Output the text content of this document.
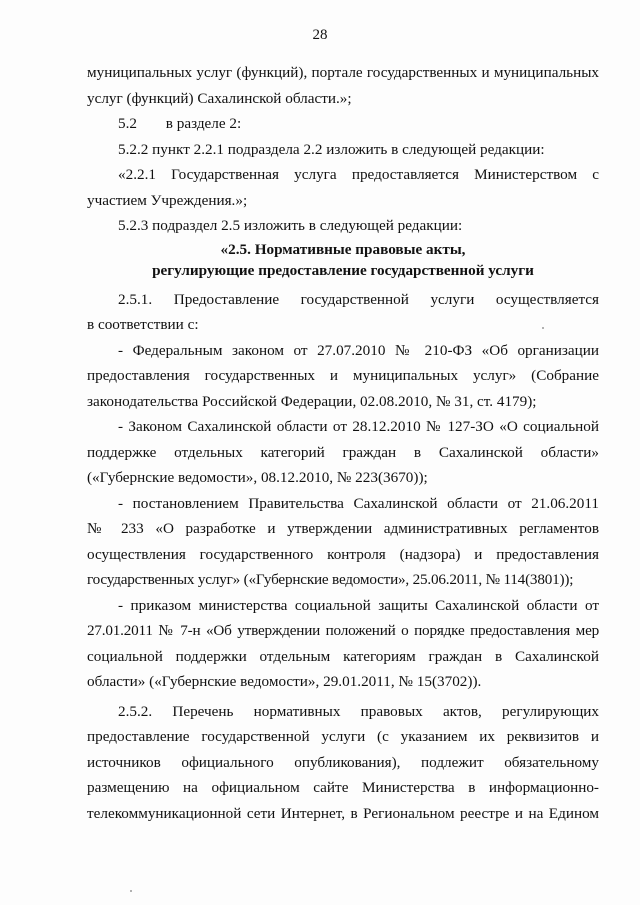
28
муниципальных услуг (функций), портале государственных и муниципальных
услуг (функций) Сахалинской области.»;
5.2 в разделе 2:
5.2.2 пункт 2.2.1 подраздела 2.2 изложить в следующей редакции:
«2.2.1 Государственная услуга предоставляется Министерством с
участием Учреждения.»;
5.2.3 подраздел 2.5 изложить в следующей редакции:
«2.5. Нормативные правовые акты,
регулирующие предоставление государственной услуги
2.5.1. Предоставление государственной услуги осуществляется
в соответствии с:
- Федеральным законом от 27.07.2010 № 210-ФЗ «Об организации
предоставления государственных и муниципальных услуг» (Собрание
законодательства Российской Федерации, 02.08.2010, № 31, ст. 4179);
- Законом Сахалинской области от 28.12.2010 № 127-ЗО «О социальной
поддержке отдельных категорий граждан в Сахалинской области»
(«Губернские ведомости», 08.12.2010, № 223(3670));
- постановлением Правительства Сахалинской области от 21.06.2011
№ 233 «О разработке и утверждении административных регламентов
осуществления государственного контроля (надзора) и предоставления
государственных услуг» («Губернские ведомости», 25.06.2011, № 114(3801));
- приказом министерства социальной защиты Сахалинской области от
27.01.2011 № 7-н «Об утверждении положений о порядке предоставления мер
социальной поддержки отдельным категориям граждан в Сахалинской
области» («Губернские ведомости», 29.01.2011, № 15(3702)).
2.5.2. Перечень нормативных правовых актов, регулирующих
предоставление государственной услуги (с указанием их реквизитов и
источников официального опубликования), подлежит обязательному
размещению на официальном сайте Министерства в информационно-
телекоммуникационной сети Интернет, в Региональном реестре и на Едином
